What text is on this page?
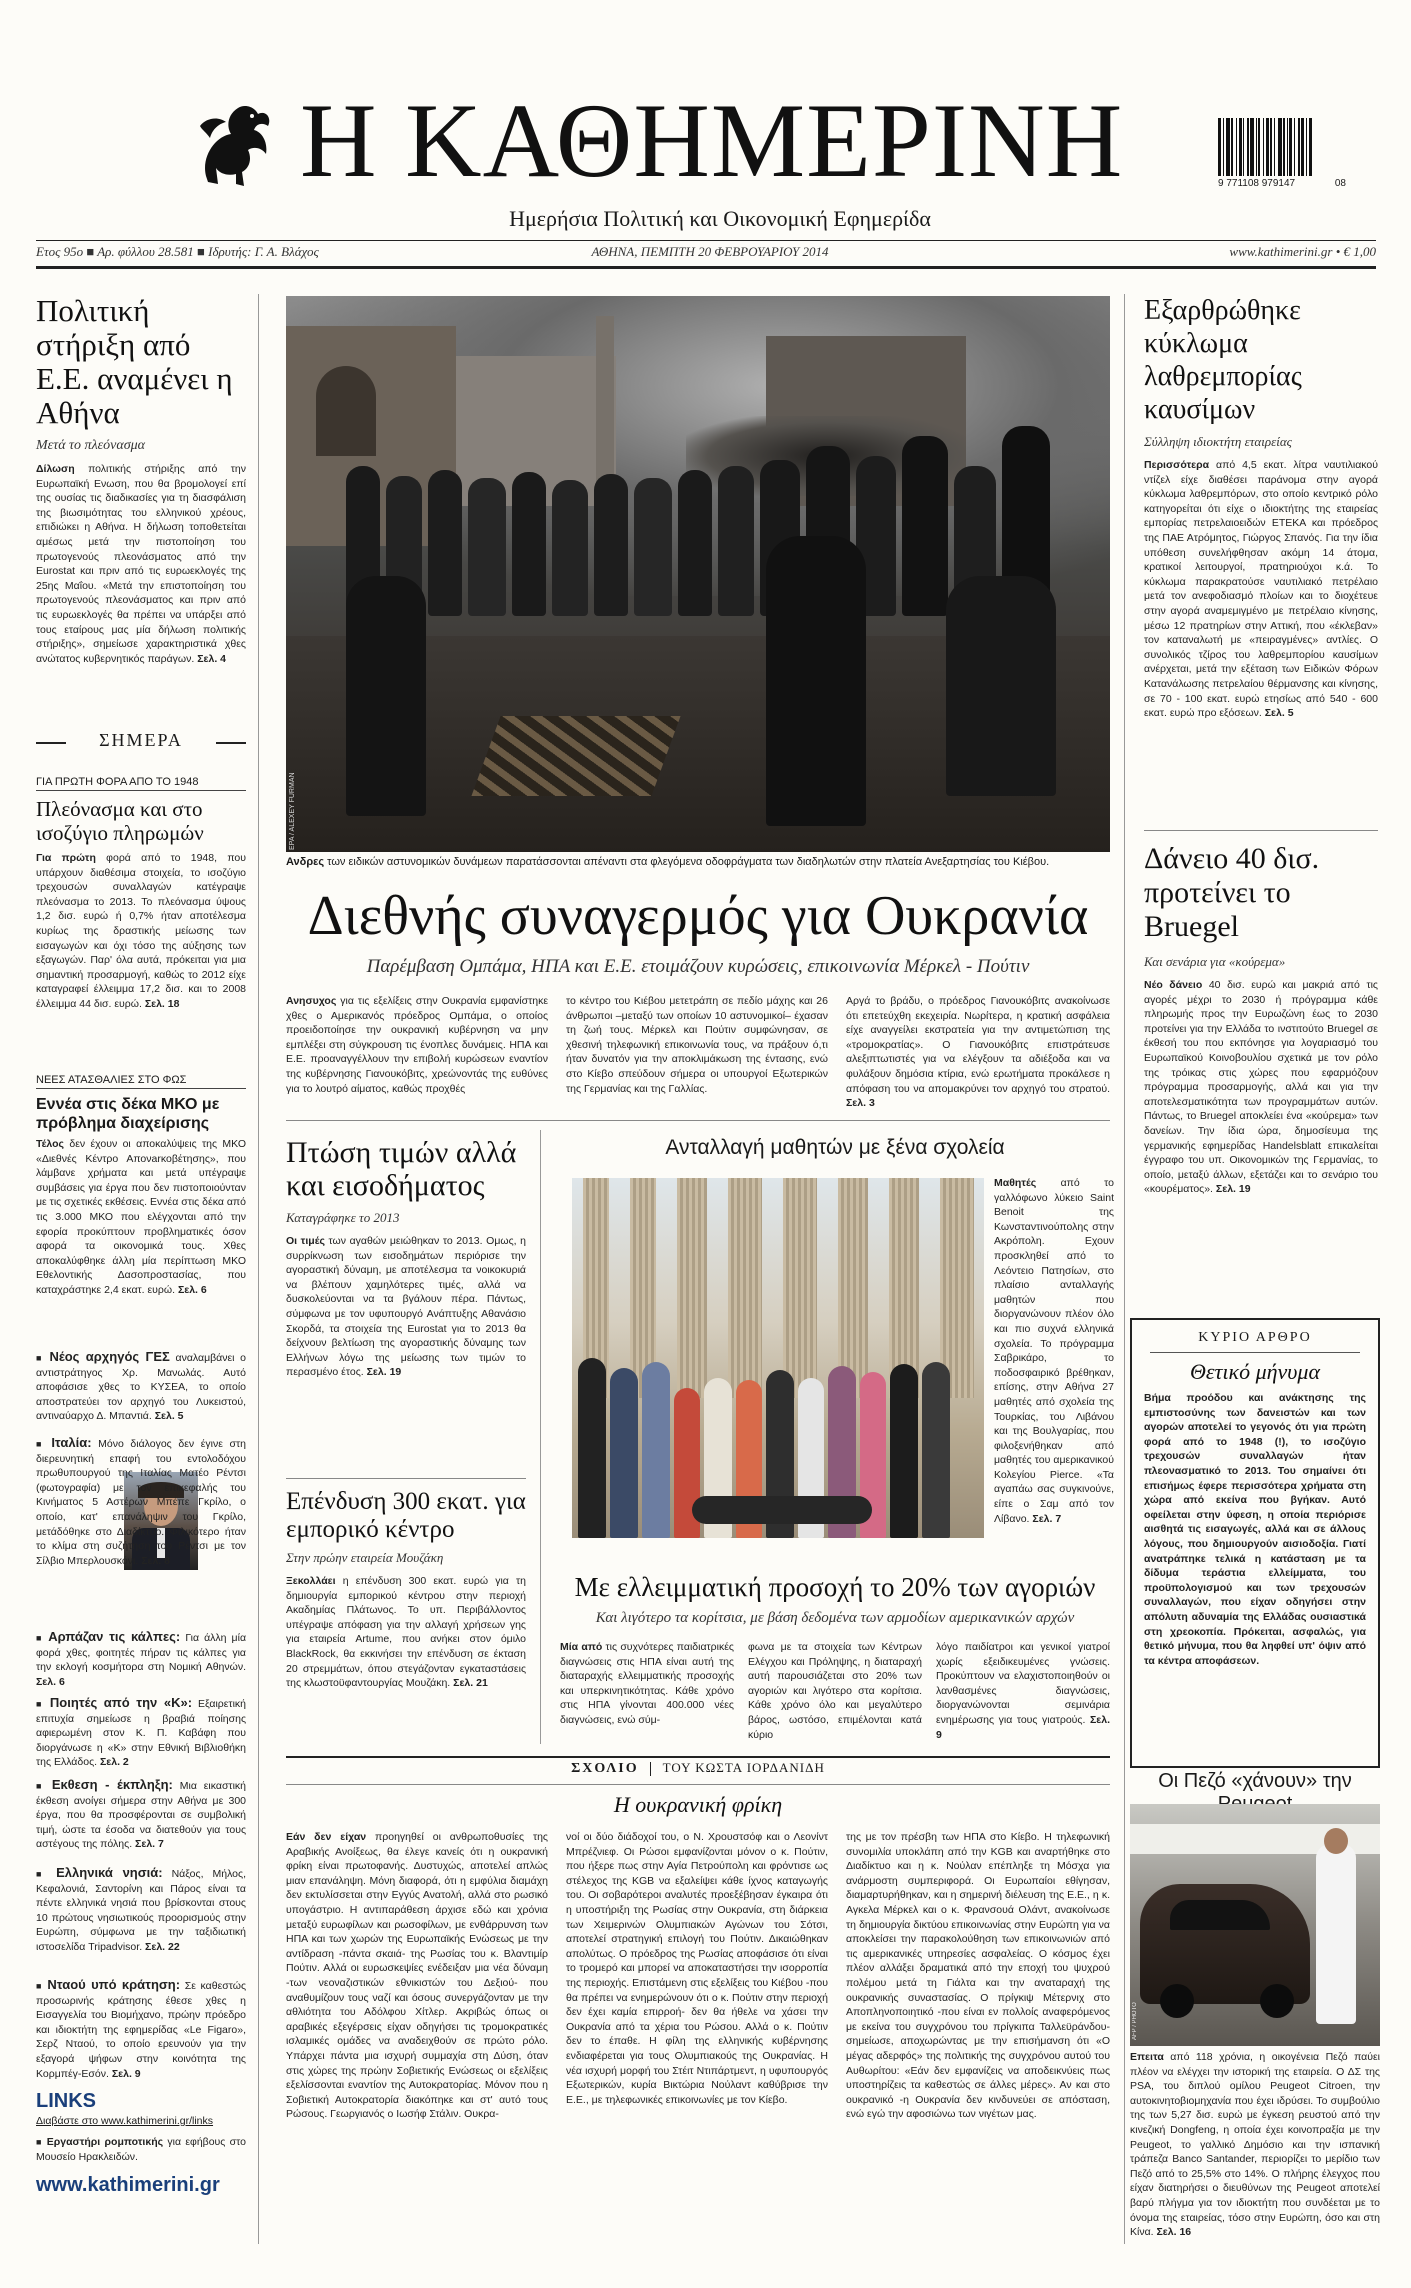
Η ΚΑΘΗΜΕΡΙΝΗ	9 771108 979147	08
Ημερήσια Πολιτική και Οικονομική Εφημερίδα
Ετος 95ο ■ Αρ. φύλλου 28.581 ■ Ιδρυτής: Γ. Α. Βλάχος	ΑΘΗΝΑ, ΠΕΜΠΤΗ 20 ΦΕΒΡΟΥΑΡΙΟΥ 2014	www.kathimerini.gr • € 1,00
Πολιτική στήριξη από Ε.Ε. αναμένει η Αθήνα
Μετά το πλεόνασμα
Δίλωση πολιτικής στήριξης από την Ευρωπαϊκή Ενωση, που θα βρομολογεί επί της ουσίας τις διαδικασίες για τη διασφάλιση της βιωσιμότητας του ελληνικού χρέους, επιδιώκει η Αθήνα. Η δήλωση τοποθετείται αμέσως μετά την πιστοποίηση του πρωτογενούς πλεονάσματος από την Eurostat και πριν από τις ευρωεκλογές της 25ης Μαΐου. «Μετά την επιστοποίηση του πρωτογενούς πλεονάσματος και πριν από τις ευρωεκλογές θα πρέπει να υπάρξει από τους εταίρους μας μία δήλωση πολιτικής στήριξης», σημείωσε χαρακτηριστικά χθες ανώτατος κυβερνητικός παράγων. Σελ. 4
ΣΗΜΕΡΑ
ΓΙΑ ΠΡΩΤΗ ΦΟΡΑ ΑΠΟ ΤΟ 1948
Πλεόνασμα και στο ισοζύγιο πληρωμών
Για πρώτη φορά από το 1948, που υπάρχουν διαθέσιμα στοιχεία, το ισοζύγιο τρεχουσών συναλλαγών κατέγραψε πλεόνασμα το 2013. Το πλεόνασμα ύψους 1,2 δισ. ευρώ ή 0,7% ήταν αποτέλεσμα κυρίως της δραστικής μείωσης των εισαγωγών και όχι τόσο της αύξησης των εξαγωγών. Παρ' όλα αυτά, πρόκειται για μια σημαντική προσαρμογή, καθώς το 2012 είχε καταγραφεί έλλειμμα 17,2 δισ. και το 2008 έλλειμμα 44 δισ. ευρώ. Σελ. 18
ΝΕΕΣ ΑΤΑΣΘΑΛΙΕΣ ΣΤΟ ΦΩΣ
Εννέα στις δέκα ΜΚΟ με πρόβλημα διαχείρισης
Τέλος δεν έχουν οι αποκαλύψεις της ΜΚΟ «Διεθνές Κέντρο Απονarκοβέτησης», που λάμβανε χρήματα και μετά υπέγραψε συμβάσεις για έργα που δεν πιστοποιούνταν με τις σχετικές εκθέσεις. Εννέα στις δέκα από τις 3.000 ΜΚΟ που ελέγχονται από την εφορία προκύπτουν προβληματικές όσον αφορά τα οικονομικά τους. Χθες αποκαλύφθηκε άλλη μία περίπτωση ΜΚΟ Εθελοντικής Δασοπροστασίας, που καταχράστηκε 2,4 εκατ. ευρώ. Σελ. 6
■ Νέος αρχηγός ΓΕΣ αναλαμβάνει ο αντιστράτηγος Χρ. Μανωλάς. Αυτό αποφάσισε χθες το ΚΥΣΕΑ, το οποίο αποστρατεύει τον αρχηγό του Λυκειστού, αντιναύαρχο Δ. Μπαντιά. Σελ. 5
■ Ιταλία: Μόνο διάλογος δεν έγινε στη διερευνητική επαφή του εντολοδόχου πρωθυπουργού της Ιταλίας Ματέο Ρέντσι (φωτογραφία) με τον επικεφαλής του Κινήματος 5 Αστέρων Μπέπε Γκρίλο, ο οποίο, κατ' επανάληψιν του Γκρίλο, μετάδόθηκε στο Διαδίκτυο. Φιλικότερο ήταν το κλίμα στη συζήτηση του Ρέντσι με τον Σίλβιο Μπερλουσκόνι. Σελ. 8
■ Αρπάζαν τις κάλπες: Για άλλη μία φορά χθες, φοιτητές πήραν τις κάλπες για την εκλογή κοσμήτορα στη Νομική Αθηνών. Σελ. 6
■ Ποιητές από την «Κ»: Εξαιρετική επιτυχία σημείωσε η βραβιά ποίησης αφιερωμένη στον Κ. Π. Καβάφη που διοργάνωσε η «Κ» στην Εθνική Βιβλιοθήκη της Ελλάδος. Σελ. 2
■ Εκθεση - έκπληξη: Μια εικαστική έκθεση ανοίγει σήμερα στην Αθήνα με 300 έργα, που θα προσφέρονται σε συμβολική τιμή, ώστε τα έσοδα να διατεθούν για τους αστέγους της πόλης. Σελ. 7
■ Ελληνικά νησιά: Νάξος, Μήλος, Κεφαλονιά, Σαντορίνη και Πάρος είναι τα πέντε ελληνικά νησιά που βρίσκονται στους 10 πρώτους νησιωτικούς προορισμούς στην Ευρώπη, σύμφωνα με την ταξιδιωτική ιστοσελίδα Tripadvisor. Σελ. 22
■ Νταού υπό κράτηση: Σε καθεστώς προσωρινής κράτησης έθεσε χθες η Εισαγγελία του Βιομήχανο, πρώην πρόεδρο και ιδιοκτήτη της εφημερίδας «Le Figaro», Σερζ Νταού, το οποίο ερευνούν για την εξαγορά ψήφων στην κοινότητα της Κορμπέγ-Εσόν. Σελ. 9
LINKS
Διαβάστε στο www.kathimerini.gr/links
■ Εργαστήρι ρομποτικής για εφήβους στο Μουσείο Ηρακλειδών.
www.kathimerini.gr
EPA / ALEXEY FURMAN
Ανδρες των ειδικών αστυνομικών δυνάμεων παρατάσσονται απέναντι στα φλεγόμενα οδοφράγματα των διαδηλωτών στην πλατεία Ανεξαρτησίας του Κιέβου.
Διεθνής συναγερμός για Ουκρανία
Παρέμβαση Ομπάμα, ΗΠΑ και Ε.Ε. ετοιμάζουν κυρώσεις, επικοινωνία Μέρκελ - Πούτιν
Ανησυχος για τις εξελίξεις στην Ουκρανία εμφανίστηκε χθες ο Αμερικανός πρόεδρος Ομπάμα, ο οποίος προειδοποίησε την ουκρανική κυβέρνηση να μην εμπλέξει στη σύγκρουση τις ένοπλες δυνάμεις. ΗΠΑ και Ε.Ε. προαναγγέλλουν την επιβολή κυρώσεων εναντίον της κυβέρνησης Γιανουκόβιτς, χρεώνοντάς της ευθύνες για το λουτρό αίματος, καθώς προχθές
το κέντρο του Κιέβου μετετράπη σε πεδίο μάχης και 26 άνθρωποι –μεταξύ των οποίων 10 αστυνομικοί– έχασαν τη ζωή τους. Μέρκελ και Πούτιν συμφώνησαν, σε χθεσινή τηλεφωνική επικοινωνία τους, να πράξουν ό,τι ήταν δυνατόν για την αποκλιμάκωση της έντασης, ενώ στο Κίεβο σπεύδουν σήμερα οι υπουργοί Εξωτερικών της Γερμανίας και της Γαλλίας.
Αργά το βράδυ, ο πρόεδρος Γιανουκόβιτς ανακοίνωσε ότι επετεύχθη εκεχειρία. Νωρίτερα, η κρατική ασφάλεια είχε αναγγείλει εκστρατεία για την αντιμετώπιση της «τρομοκρατίας». Ο Γιανουκόβιτς επιστράτευσε αλεξιπτωτιστές για να ελέγξουν τα αδιέξοδα και να φυλάξουν δημόσια κτίρια, ενώ ερωτήματα προκάλεσε η απόφαση του να απομακρύνει τον αρχηγό του στρατού. Σελ. 3
Εξαρθρώθηκε κύκλωμα λαθρεμπορίας καυσίμων
Σύλληψη ιδιοκτήτη εταιρείας
Περισσότερα από 4,5 εκατ. λίτρα ναυτιλιακού ντίζελ είχε διαθέσει παράνομα στην αγορά κύκλωμα λαθρεμπόρων, στο οποίο κεντρικό ρόλο κατηγορείται ότι είχε ο ιδιοκτήτης της εταιρείας εμπορίας πετρελαιοειδών ΕΤΕΚΑ και πρόεδρος της ΠΑΕ Ατρόμητος, Γιώργος Σπανός. Για την ίδια υπόθεση συνελήφθησαν ακόμη 14 άτομα, κρατικοί λειτουργοί, πρατηριούχοι κ.ά. Το κύκλωμα παρακρατούσε ναυτιλιακό πετρέλαιο μετά τον ανεφοδιασμό πλοίων και το διοχέτευε στην αγορά αναμεμιγμένο με πετρέλαιο κίνησης, μέσω 12 πρατηρίων στην Αττική, που «έκλεβαν» τον καταναλωτή με «πειραγμένες» αντλίες. Ο συνολικός τζίρος του λαθρεμπορίου καυσίμων ανέρχεται, μετά την εξέταση των Ειδικών Φόρων Κατανάλωσης πετρελαίου θέρμανσης και κίνησης, σε 70 - 100 εκατ. ευρώ ετησίως από 540 - 600 εκατ. ευρώ προ εξόσεων. Σελ. 5
Δάνειο 40 δισ. προτείνει το Bruegel
Και σενάρια για «κούρεμα»
Νέο δάνειο 40 δισ. ευρώ και μακριά από τις αγορές μέχρι το 2030 ή πρόγραμμα κάθε πληρωμής προς την Ευρωζώνη έως το 2030 προτείνει για την Ελλάδα το ινστιτούτο Bruegel σε έκθεσή του που εκπόνησε για λογαριασμό του Ευρωπαϊκού Κοινοβουλίου σχετικά με τον ρόλο της τρόικας στις χώρες που εφαρμόζουν πρόγραμμα προσαρμογής, αλλά και για την αποτελεσματικότητα των προγραμμάτων αυτών. Πάντως, το Bruegel αποκλείει ένα «κούρεμα» των δανείων. Την ίδια ώρα, δημοσίευμα της γερμανικής εφημερίδας Handelsblatt επικαλείται έγγραφο του υπ. Οικονομικών της Γερμανίας, το οποίο, μεταξύ άλλων, εξετάζει και το σενάριο του «κουρέματος». Σελ. 19
ΚΥΡΙΟ ΑΡΘΡΟ
Θετικό μήνυμα
Βήμα προόδου και ανάκτησης της εμπιστοσύνης των δανειστών και των αγορών αποτελεί το γεγονός ότι για πρώτη φορά από το 1948 (!), το ισοζύγιο τρεχουσών συναλλαγών ήταν πλεονασματικό το 2013. Του σημαίνει ότι επισήμως έφερε περισσότερα χρήματα στη χώρα από εκείνα που βγήκαν. Αυτό οφείλεται στην ύφεση, η οποία περιόρισε αισθητά τις εισαγωγές, αλλά και σε άλλους λόγους, που δημιουργούν αισιοδοξία. Γιατί ανατράπηκε τελικά η κατάσταση με τα δίδυμα τεράστια ελλείμματα, του προϋπολογισμού και των τρεχουσών συναλλαγών, που είχαν οδηγήσει στην απόλυτη αδυναμία της Ελλάδας ουσιαστικά στη χρεοκοπία. Πρόκειται, ασφαλώς, για θετικό μήνυμα, που θα ληφθεί υπ' όψιν από τα κέντρα αποφάσεων.
Οι Πεζό «χάνουν» την
AFP / PHOTO
Επειτα από 118 χρόνια, η οικογένεια Πεζό παύει πλέον να ελέγχει την ιστορική της εταιρεία. Ο ΔΣ της PSA, του διπλού ομίλου Peugeot Citroen, την αυτοκινητοβιομηχανία που έχει ιδρύσει. Το συμβούλιο της των 5,27 δισ. ευρώ με έγκεση ρευστού από την κινεζική Dongfeng, η οποία έχει κοινοπραξία με την Peugeot, το γαλλικό Δημόσιο και την ισπανική τράπεζα Banco Santander, περιορίζει το μερίδιο των Πεζό από το 25,5% στο 14%. Ο πλήρης έλεγχος που είχαν διατηρήσει ο διευθύνων της Peugeot αποτελεί βαρύ πλήγμα για τον ιδιοκτήτη που συνδέεται με το όνομα της εταιρείας, τόσο στην Ευρώπη, όσο και στη Κίνα. Σελ. 16
Πτώση τιμών αλλά και εισοδήματος
Καταγράφηκε το 2013
Οι τιμές των αγαθών μειώθηκαν το 2013. Ομως, η συρρίκνωση των εισοδημάτων περιόρισε την αγοραστική δύναμη, με αποτέλεσμα τα νοικοκυριά να βλέπουν χαμηλότερες τιμές, αλλά να δυσκολεύονται να τα βγάλουν πέρα. Πάντως, σύμφωνα με τον υφυπουργό Ανάπτυξης Αθανάσιο Σκορδά, τα στοιχεία της Eurostat για το 2013 θα δείχνουν βελτίωση της αγοραστικής δύναμης των Ελλήνων λόγω της μείωσης των τιμών το περασμένο έτος. Σελ. 19
Επένδυση 300 εκατ. για εμπορικό κέντρο
Στην πρώην εταιρεία Μουζάκη
Ξεκολλάει η επένδυση 300 εκατ. ευρώ για τη δημιουργία εμπορικού κέντρου στην περιοχή Ακαδημίας Πλάτωνος. Το υπ. Περιβάλλοντος υπέγραψε απόφαση για την αλλαγή χρήσεων γης για εταιρεία Artume, που ανήκει στον όμιλο BlackRock, θα εκκινήσει την επένδυση σε έκταση 20 στρεμμάτων, όπου στεγάζονταν εγκαταστάσεις της κλωστοϋφαντουργίας Μουζάκη. Σελ. 21
Ανταλλαγή μαθητών με ξένα σχολεία
Μαθητές από το γαλλόφωνο λύκειο Saint Benoit της Κωνσταντινούπολης στην Ακρόπολη. Εχουν προσκληθεί από το Λεόντειο Πατησίων, στο πλαίσιο ανταλλαγής μαθητών που διοργανώνουν πλέον όλο και πιο συχνά ελληνικά σχολεία. Το πρόγραμμα Σαβρικάρο, το ποδοσφαιρικό βρέθηκαν, επίσης, στην Αθήνα 27 μαθητές από σχολεία της Τουρκίας, του Λιβάνου και της Βουλγαρίας, που φιλοξενήθηκαν από μαθητές του αμερικανικού Κολεγίου Pierce. «Τα αγαπάω σας συγκινούνε, είπε ο Σαμ από τον Λίβανο. Σελ. 7
Με ελλειμματική προσοχή το 20% των αγοριών
Και λιγότερο τα κορίτσια, με βάση δεδομένα των αρμοδίων αμερικανικών αρχών
Μία από τις συχνότερες παιδιατρικές διαγνώσεις στις ΗΠΑ είναι αυτή της διαταραχής ελλειμματικής προσοχής και υπερκινητικότητας. Κάθε χρόνο στις ΗΠΑ γίνονται 400.000 νέες διαγνώσεις, ενώ σύμ-
φωνα με τα στοιχεία των Κέντρων Ελέγχου και Πρόληψης, η διαταραχή αυτή παρουσιάζεται στο 20% των αγοριών και λιγότερο στα κορίτσια. Κάθε χρόνο όλο και μεγαλύτερο βάρος, ωστόσο, επιμέλονται κατά κύριο
λόγο παιδίατροι και γενικοί γιατροί χωρίς εξειδικευμένες γνώσεις. Προκύπτουν να ελαχιστοποιηθούν οι λανθασμένες διαγνώσεις, διοργανώνονται σεμινάρια ενημέρωσης για τους γιατρούς. Σελ. 9
ΣΧΟΛΙΟ ΤΟΥ ΚΩΣΤΑ ΙΟΡΔΑΝΙΔΗ
Η ουκρανική φρίκη
Εάν δεν είχαν προηγηθεί οι ανθρωποθυσίες της Αραβικής Ανοίξεως, θα έλεγε κανείς ότι η ουκρανική φρίκη είναι πρωτοφανής. Δυστυχώς, αποτελεί απλώς μιαν επανάληψη. Μόνη διαφορά, ότι η εμφύλια διαμάχη δεν εκτυλίσσεται στην Εγγύς Ανατολή, αλλά στο ρωσικό υπογάστριο. Η αντιπαράθεση άρχισε εδώ και χρόνια μεταξύ ευρωφίλων και ρωσοφίλων, με ενθάρρυνση των ΗΠΑ και των χωρών της Ευρωπαϊκής Ενώσεως με την αντίδραση -πάντα σκαιά- της Ρωσίας του κ. Βλαντιμίρ Πούτιν. Αλλά οι ευρωσκεψίες ενέδειξαν μια νέα δύναμη -των νεοναζιστικών εθνικιστών του Δεξιού- που αναθυμίζουν τους ναζί και όσους συνεργάζονταν με την αθλιότητα του Αδόλφου Χίτλερ. Ακριβώς όπως οι αραβικές εξεγέρσεις είχαν οδηγήσει τις τρομοκρατικές ισλαμικές ομάδες να αναδειχθούν σε πρώτο ρόλο. Υπάρχει πάντα μια ισχυρή συμμαχία στη Δύση, όταν στις χώρες της πρώην Σοβιετικής Ενώσεως οι εξελίξεις εξελίσσονται εναντίον της Αυτοκρατορίας. Μόνον που η Σοβιετική Αυτοκρατορία διακόπηκε και στ' αυτό τους Ρώσους. Γεωργιανός ο Ιωσήφ Στάλιν. Ουκρα-
νοί οι δύο διάδοχοί του, ο Ν. Χρουστσόφ και ο Λεονίντ Μπρέζνιεφ. Οι Ρώσοι εμφανίζονται μόνον ο κ. Πούτιν, που ήξερε πως στην Αγία Πετρούπολη και φρόντισε ως στέλεχος της KGB να εξαλείψει κάθε ίχνος καταγωγής του. Οι σοβαρότεροι αναλυτές προεξέβησαν έγκαιρα ότι η υποστήριξη της Ρωσίας στην Ουκρανία, στη διάρκεια των Χειμερινών Ολυμπιακών Αγώνων του Σότσι, αποτελεί στρατηγική επιλογή του Πούτιν. Δικαιώθηκαν απολύτως. Ο πρόεδρος της Ρωσίας αποφάσισε ότι είναι το τρομερό και μπορεί να αποκαταστήσει την ισορροπία της περιοχής. Επιστάμενη στις εξελίξεις του Κιέβου -που θα πρέπει να ενημερώνουν ότι ο κ. Πούτιν στην περιοχή δεν έχει καμία επιρροή- δεν θα ήθελε να χάσει την Ουκρανία από τα χέρια του Ρώσου. Αλλά ο κ. Πούτιν δεν το έπαθε. Η φίλη της ελληνικής κυβέρνησης ενδιαφέρεται για τους Ολυμπιακούς της Ουκρανίας. Η νέα ισχυρή μορφή του Στέιτ Ντιπάρτμεντ, η υφυπουργός Εξωτερικών, κυρία Βικτώρια Νούλαντ καθύβρισε την Ε.Ε., με τηλεφωνικές επικοινωνίες με τον Κίεβο.
της με τον πρέσβη των ΗΠΑ στο Κίεβο. Η τηλεφωνική συνομιλία υποκλάπη από την KGB και αναρτήθηκε στο Διαδίκτυο και η κ. Νούλαν επέπληξε τη Μόσχα για ανάρμοστη συμπεριφορά. Οι Ευρωπαίοι εθίγησαν, διαμαρτυρήθηκαν, και η σημερινή διέλευση της Ε.Ε., η κ. Αγκελα Μέρκελ και ο κ. Φρανσουά Ολάντ, ανακοίνωσε τη δημιουργία δικτύου επικοινωνίας στην Ευρώπη για να αποκλείσει την παρακολούθηση των επικοινωνιών από τις αμερικανικές υπηρεσίες ασφαλείας. Ο κόσμος έχει πλέον αλλάξει δραματικά από την εποχή του ψυχρού πολέμου μετά τη Γιάλτα και την αναταραχή της ουκρανικής συναστασίας. Ο πρίγκιψ Μέτερνιχ στο Αποπληνοποιητικό -που είναι εν πολλοίς αναφερόμενος με εκείνα του συγχρόνου του πρίγκιπα Ταλλεϋράνδου- σημείωσε, αποχωρώντας με την επισήμανση ότι «Ο μέγας αδερφός» της πολιτικής της συγχρόνου αυτού του Αυθωρίτου: «Εάν δεν εμφανίζεις να αποδεικνύεις πως υποστηρίζεις τα καθεστώς σε άλλες μέρες». Αν και στο ουκρανικό -η Ουκρανία δεν κινδυνεύει σε απόσταση, ενώ εγώ την αφοσιώνω των νιγέτων μας.
